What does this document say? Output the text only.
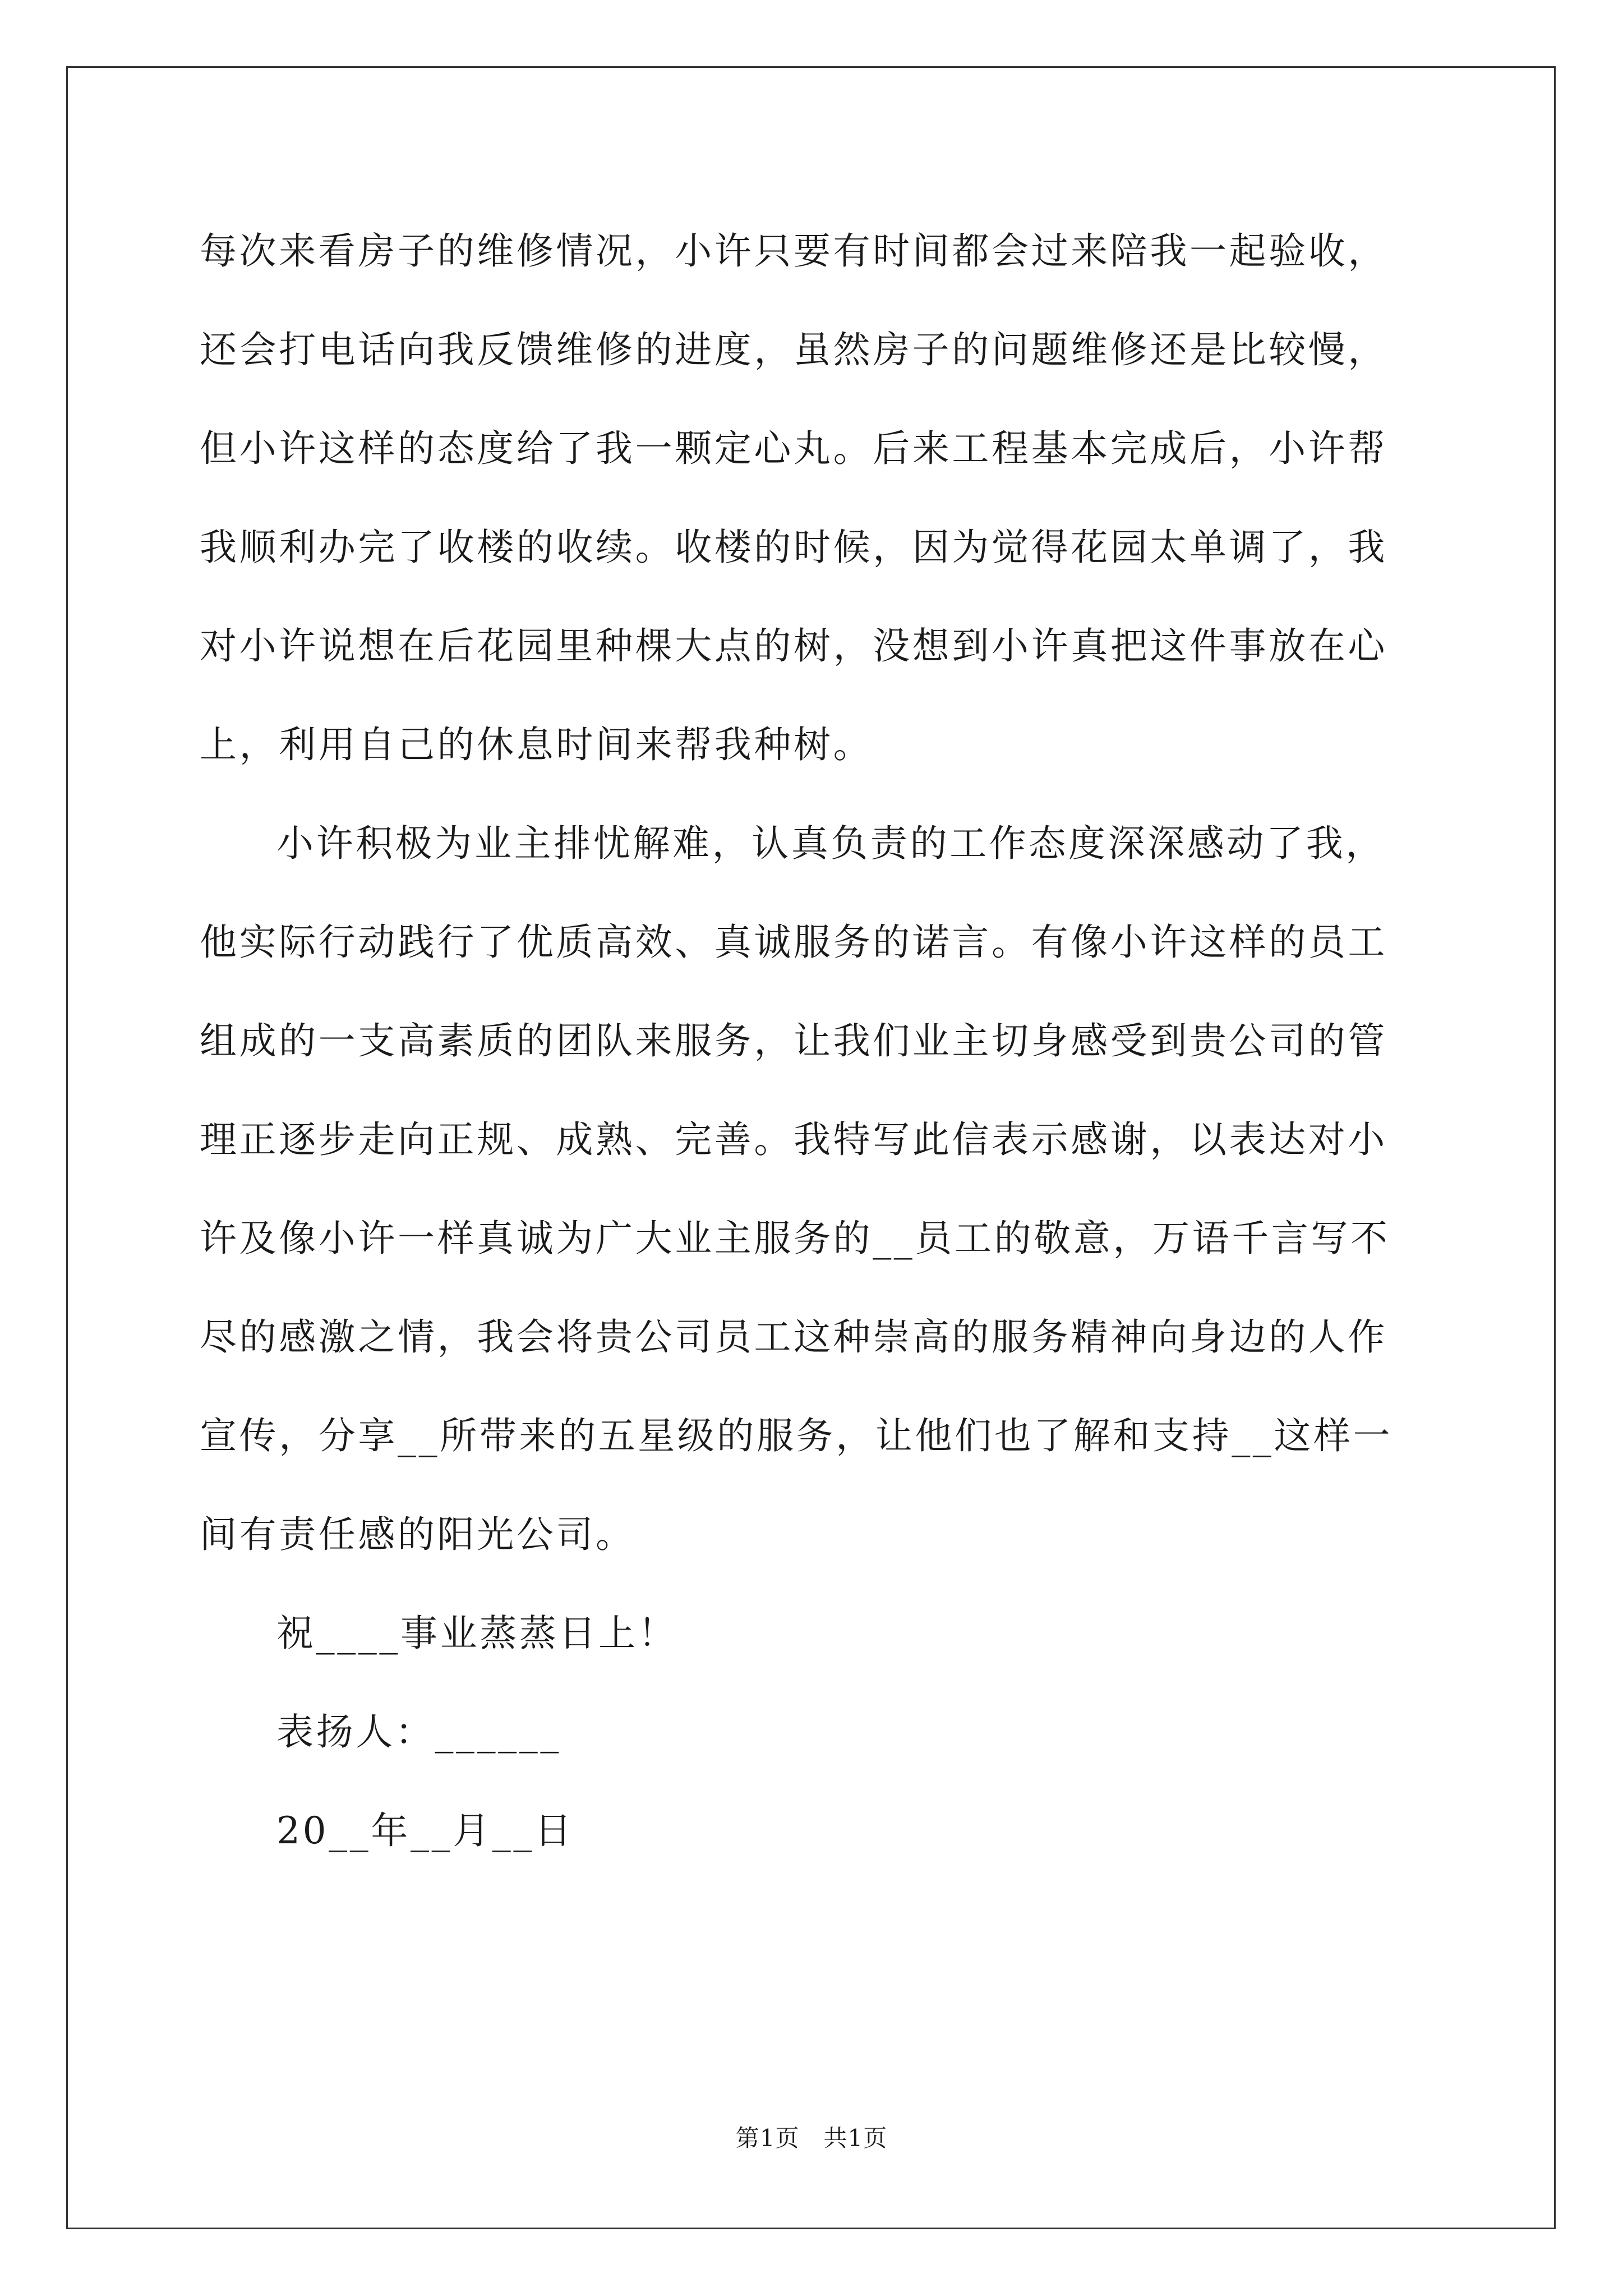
每次来看房子的维修情况，小许只要有时间都会过来陪我一起验收，
还会打电话向我反馈维修的进度，虽然房子的问题维修还是比较慢，
但小许这样的态度给了我一颗定心丸。后来工程基本完成后，小许帮
我顺利办完了收楼的收续。收楼的时候，因为觉得花园太单调了，我
对小许说想在后花园里种棵大点的树，没想到小许真把这件事放在心
上，利用自己的休息时间来帮我种树。
小许积极为业主排忧解难，认真负责的工作态度深深感动了我，
他实际行动践行了优质高效、真诚服务的诺言。有像小许这样的员工
组成的一支高素质的团队来服务，让我们业主切身感受到贵公司的管
理正逐步走向正规、成熟、完善。我特写此信表示感谢，以表达对小
许及像小许一样真诚为广大业主服务的__员工的敬意，万语千言写不
尽的感激之情，我会将贵公司员工这种崇高的服务精神向身边的人作
宣传，分享__所带来的五星级的服务，让他们也了解和支持__这样一
间有责任感的阳光公司。
祝____事业蒸蒸日上！
表扬人：______
20__年__月__日
第1页　共1页
